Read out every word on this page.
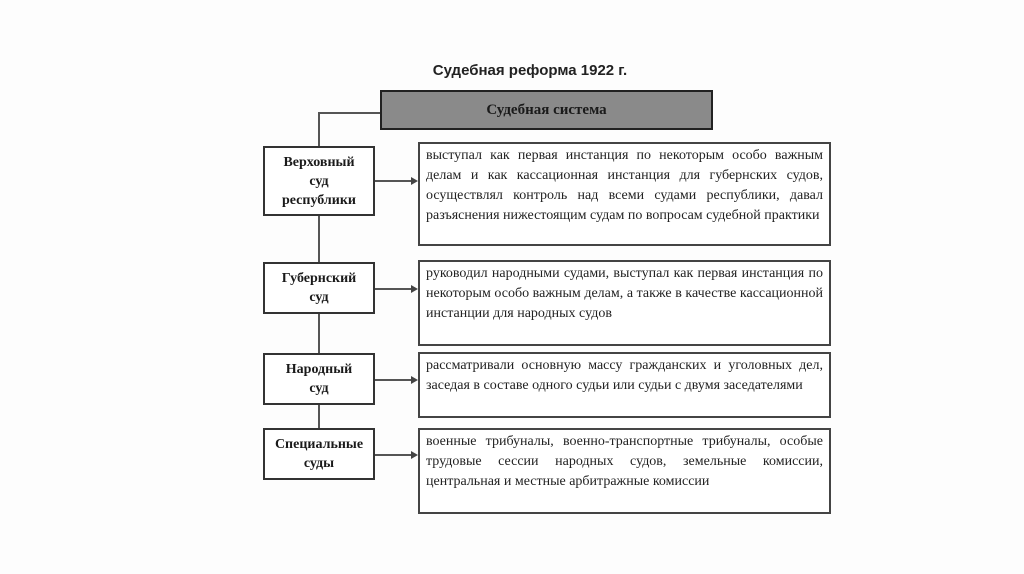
Судебная реформа 1922 г.
Судебная система
Верховный
суд
республики
выступал как первая инстанция по некоторым особо важным делам и как кассационная инстанция для губернских судов, осуществлял контроль над всеми судами республики, давал разъяснения нижестоящим судам по вопросам судебной практики
Губернский
суд
руководил народными судами, выступал как первая инстанция по некоторым особо важным делам, а также в качестве кассационной инстанции для народных судов
Народный
суд
рассматривали основную массу гражданских и уголовных дел, заседая в составе одного судьи или судьи с двумя заседателями
Специальные
суды
военные трибуналы, военно-транспортные трибуналы, особые трудовые сессии народных судов, земельные комиссии, центральная и местные арбитражные комиссии
